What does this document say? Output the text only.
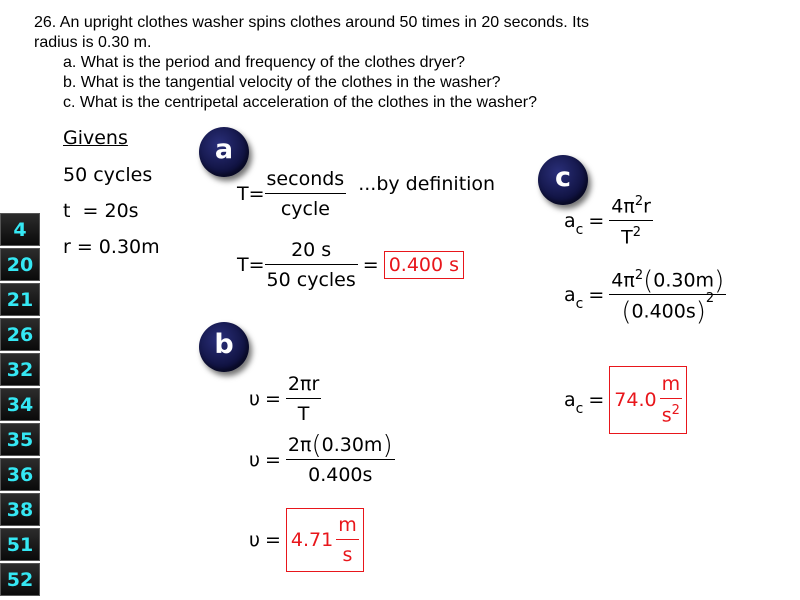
26. An upright clothes washer spins clothes around 50 times in 20 seconds. Its
radius is 0.30 m.
a. What is the period and frequency of the clothes dryer?
b. What is the tangential velocity of the clothes in the washer?
c. What is the centripetal acceleration of the clothes in the washer?
4
20
21
26
32
34
35
36
38
51
52
Givens
50 cycles
t  = 20s
r = 0.30m
a
b
c
$T= \frac{\text{seconds}}{\text{cycle}} ...by$ definition
$T= \frac{20 s}{\text{50 cycles}} = 0.400$ s
$\upsilon = \frac{2\pi r}{T}$
$\upsilon = \frac{2\pi(0.30m)}{0.400s}$
$\upsilon = 4.71 \frac{m}{s}$
$a_c = \frac{4\pi^2r}{T^2}$
$a_c = \frac{4\pi^2(0.30m)}{(0.400s)^2}$
$a_c = 74.0 \frac{m}{s^2}$
